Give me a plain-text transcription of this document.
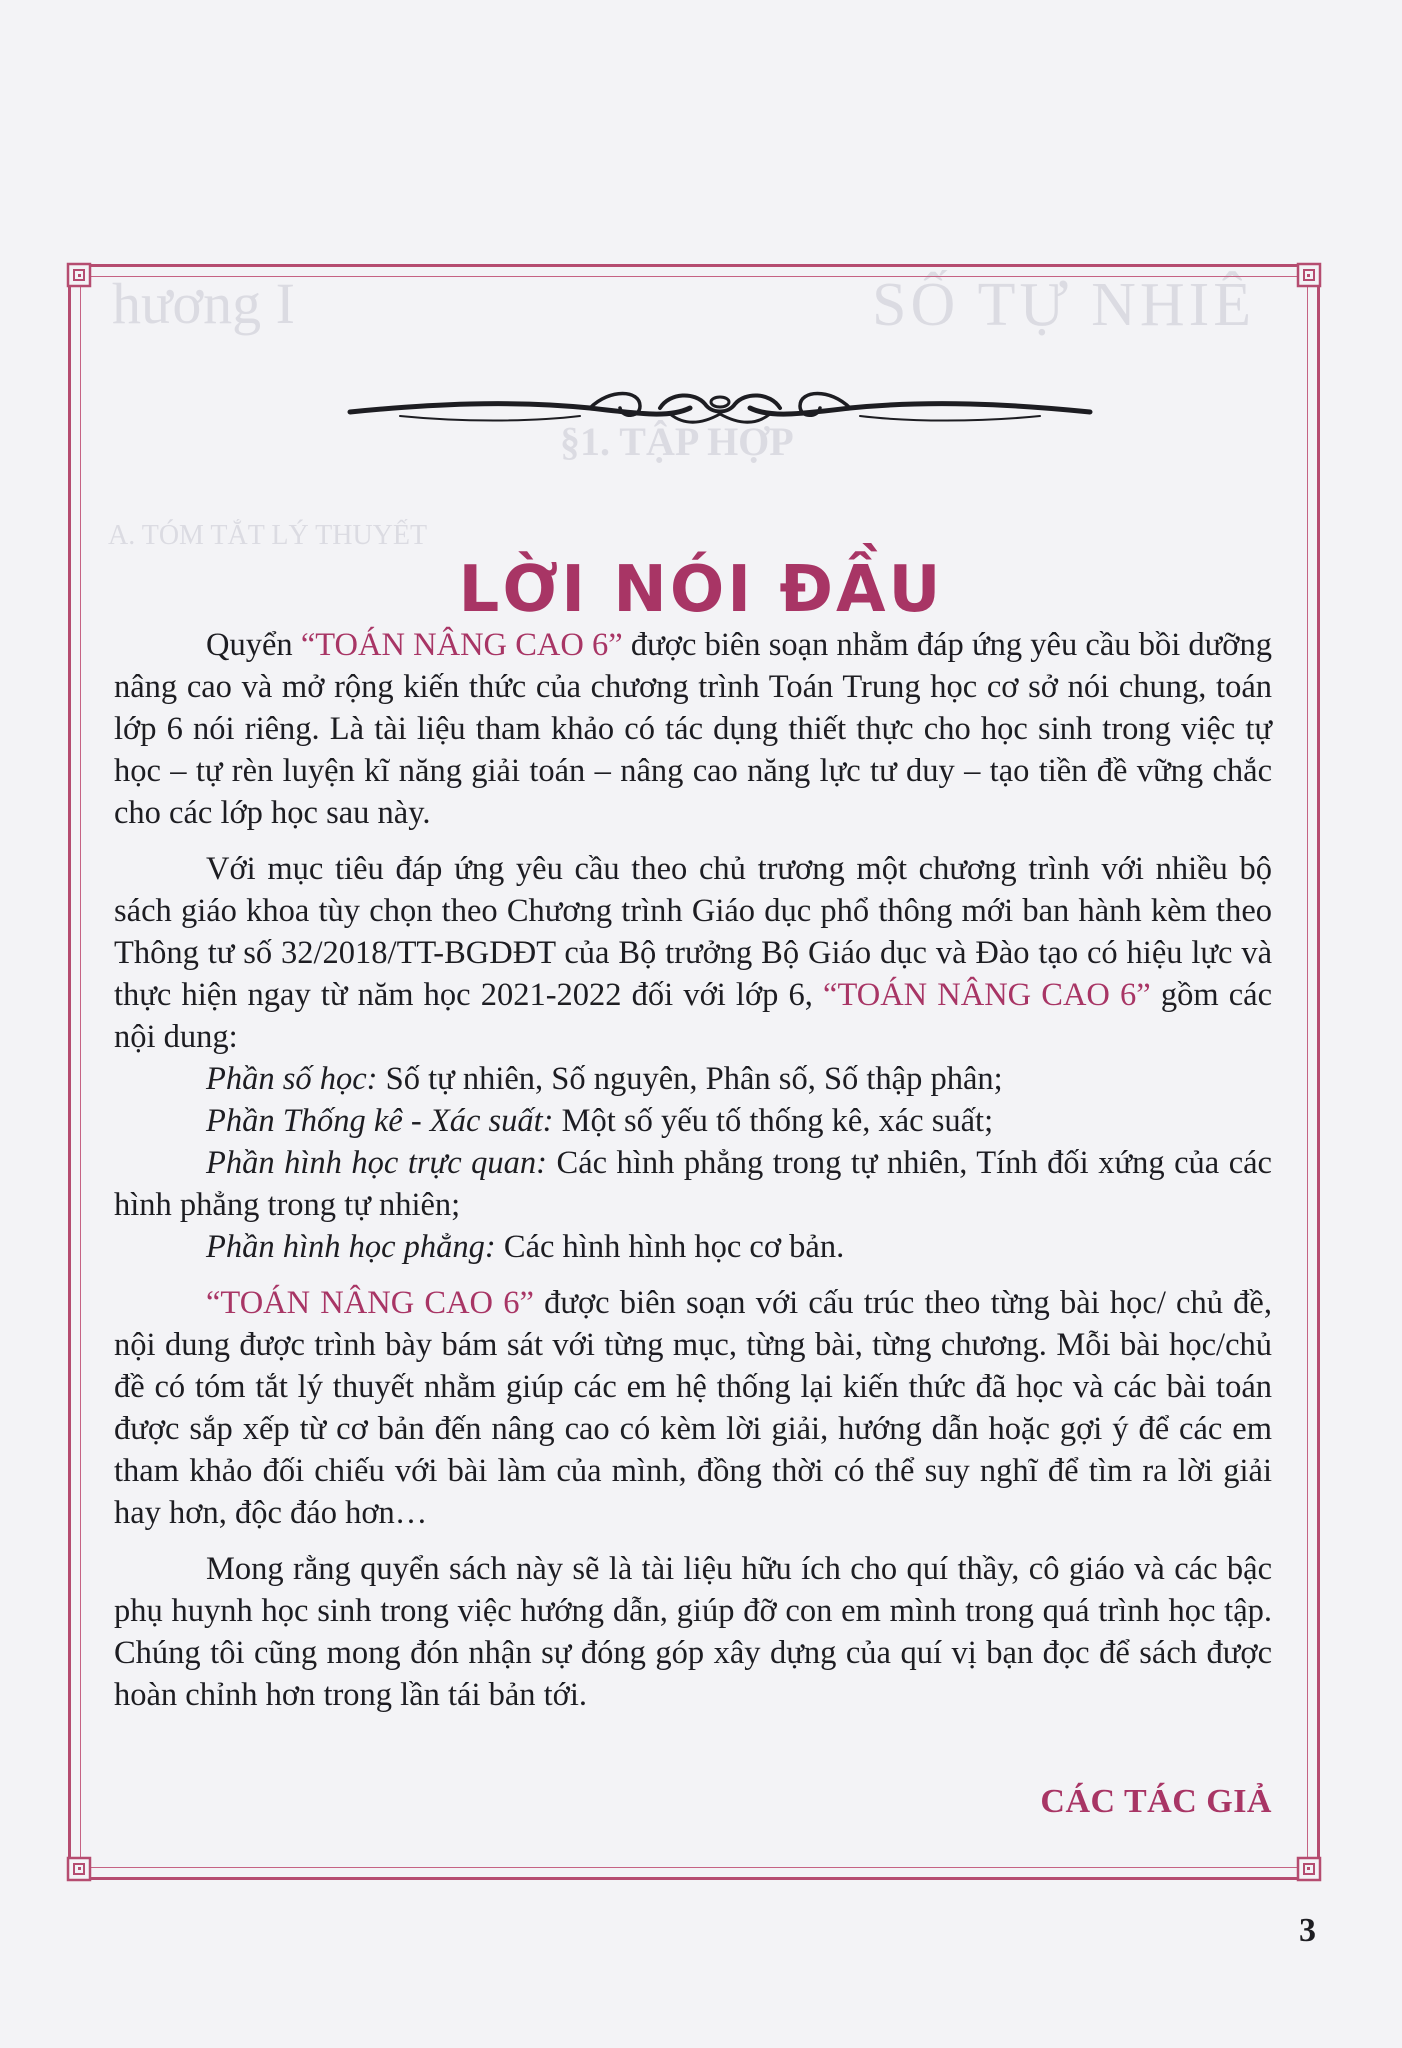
hương I	SỐ TỰ NHIÊ
§1. TẬP HỢP
A. TÓM TẮT LÝ THUYẾT
LỜI NÓI ĐẦU

Quyển “TOÁN NÂNG CAO 6” được biên soạn nhằm đáp ứng yêu cầu bồi dưỡng nâng cao và mở rộng kiến thức của chương trình Toán Trung học cơ sở nói chung, toán lớp 6 nói riêng. Là tài liệu tham khảo có tác dụng thiết thực cho học sinh trong việc tự học – tự rèn luyện kĩ năng giải toán – nâng cao năng lực tư duy – tạo tiền đề vững chắc cho các lớp học sau này.

Với mục tiêu đáp ứng yêu cầu theo chủ trương một chương trình với nhiều bộ sách giáo khoa tùy chọn theo Chương trình Giáo dục phổ thông mới ban hành kèm theo Thông tư số 32/2018/TT-BGDĐT của Bộ trưởng Bộ Giáo dục và Đào tạo có hiệu lực và thực hiện ngay từ năm học 2021-2022 đối với lớp 6, “TOÁN NÂNG CAO 6” gồm các nội dung:

Phần số học: Số tự nhiên, Số nguyên, Phân số, Số thập phân;

Phần Thống kê - Xác suất: Một số yếu tố thống kê, xác suất;

Phần hình học trực quan: Các hình phẳng trong tự nhiên, Tính đối xứng của các hình phẳng trong tự nhiên;

Phần hình học phẳng: Các hình hình học cơ bản.

“TOÁN NÂNG CAO 6” được biên soạn với cấu trúc theo từng bài học/ chủ đề, nội dung được trình bày bám sát với từng mục, từng bài, từng chương. Mỗi bài học/chủ đề có tóm tắt lý thuyết nhằm giúp các em hệ thống lại kiến thức đã học và các bài toán được sắp xếp từ cơ bản đến nâng cao có kèm lời giải, hướng dẫn hoặc gợi ý để các em tham khảo đối chiếu với bài làm của mình, đồng thời có thể suy nghĩ để tìm ra lời giải hay hơn, độc đáo hơn…

Mong rằng quyển sách này sẽ là tài liệu hữu ích cho quí thầy, cô giáo và các bậc phụ huynh học sinh trong việc hướng dẫn, giúp đỡ con em mình trong quá trình học tập. Chúng tôi cũng mong đón nhận sự đóng góp xây dựng của quí vị bạn đọc để sách được hoàn chỉnh hơn trong lần tái bản tới.

CÁC TÁC GIẢ
3
